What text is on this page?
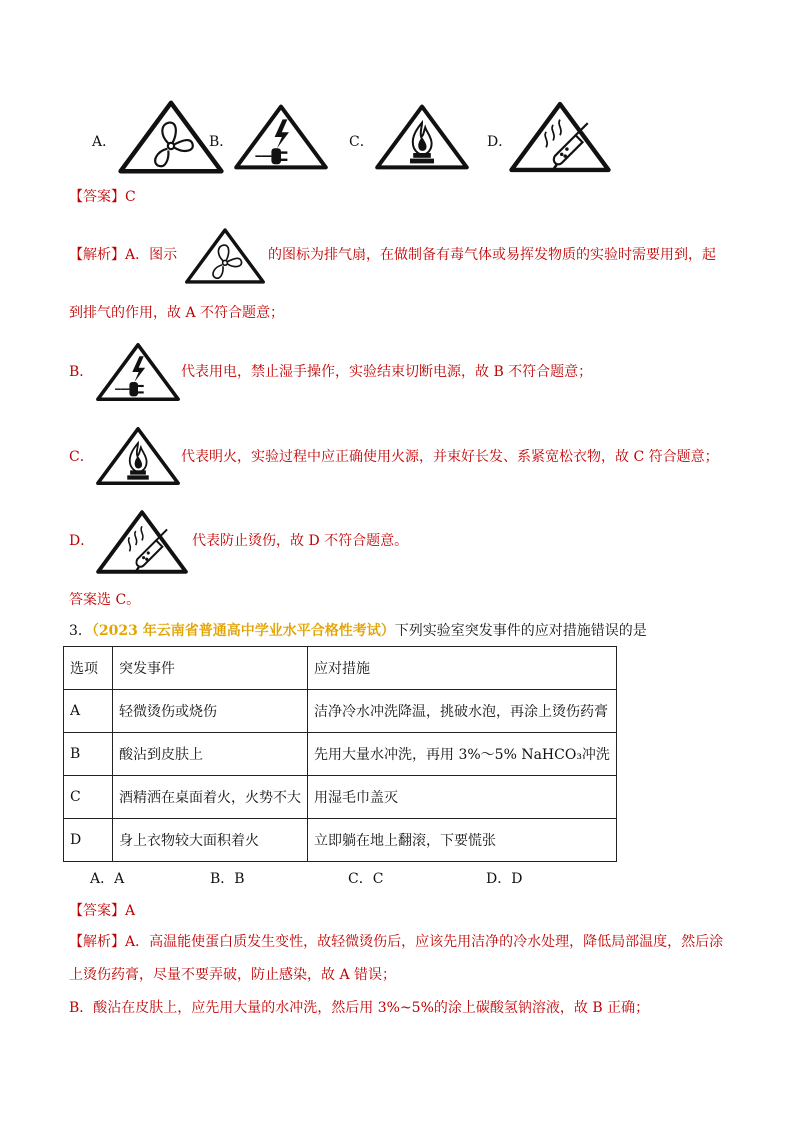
A．	B．	C．	D．
【答案】C
【解析】A．图示	的图标为排气扇，在做制备有毒气体或易挥发物质的实验时需要用到，起
到排气的作用，故 A 不符合题意；
B．	代表用电，禁止湿手操作，实验结束切断电源，故 B 不符合题意；
C．	代表明火，实验过程中应正确使用火源，并束好长发、系紧宽松衣物，故 C 符合题意；
D．	代表防止烫伤，故 D 不符合题意。
答案选 C。
3．（2023 年云南省普通高中学业水平合格性考试）下列实验室突发事件的应对措施错误的是
选项	突发事件	应对措施
A	轻微烫伤或烧伤	洁净冷水冲洗降温，挑破水泡，再涂上烫伤药膏
B	酸沾到皮肤上	先用大量水冲洗，再用 3%～5% NaHCO₃冲洗
C	酒精洒在桌面着火，火势不大	用湿毛巾盖灭
D	身上衣物较大面积着火	立即躺在地上翻滚，下要慌张
A．A	B．B	C．C	D．D
【答案】A
【解析】A．高温能使蛋白质发生变性，故轻微烫伤后，应该先用洁净的冷水处理，降低局部温度，然后涂
上烫伤药膏，尽量不要弄破，防止感染，故 A 错误；
B．酸沾在皮肤上，应先用大量的水冲洗，然后用 3%~5%的涂上碳酸氢钠溶液，故 B 正确；
